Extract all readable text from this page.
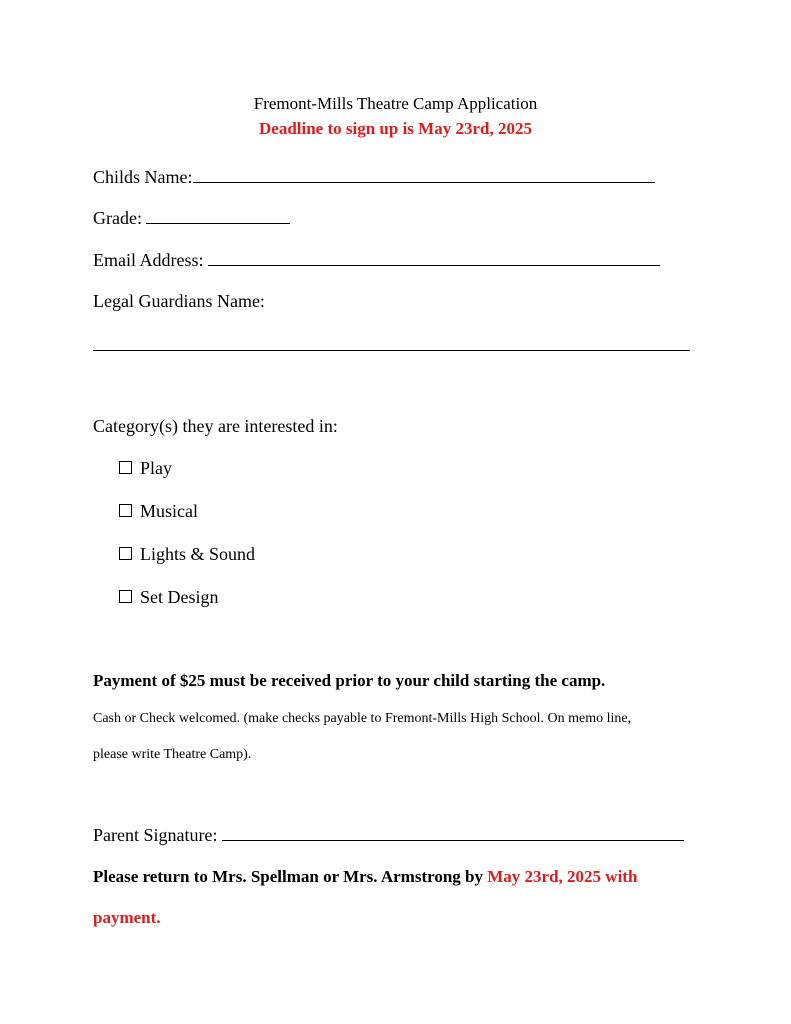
Fremont-Mills Theatre Camp Application
Deadline to sign up is May 23rd, 2025
Childs Name:
Grade:
Email Address:
Legal Guardians Name:
Category(s) they are interested in:
Play
Musical
Lights & Sound
Set Design
Payment of $25 must be received prior to your child starting the camp.
Cash or Check welcomed. (make checks payable to Fremont-Mills High School. On memo line,
please write Theatre Camp).
Parent Signature:
Please return to Mrs. Spellman or Mrs. Armstrong by May 23rd, 2025 with
payment.
